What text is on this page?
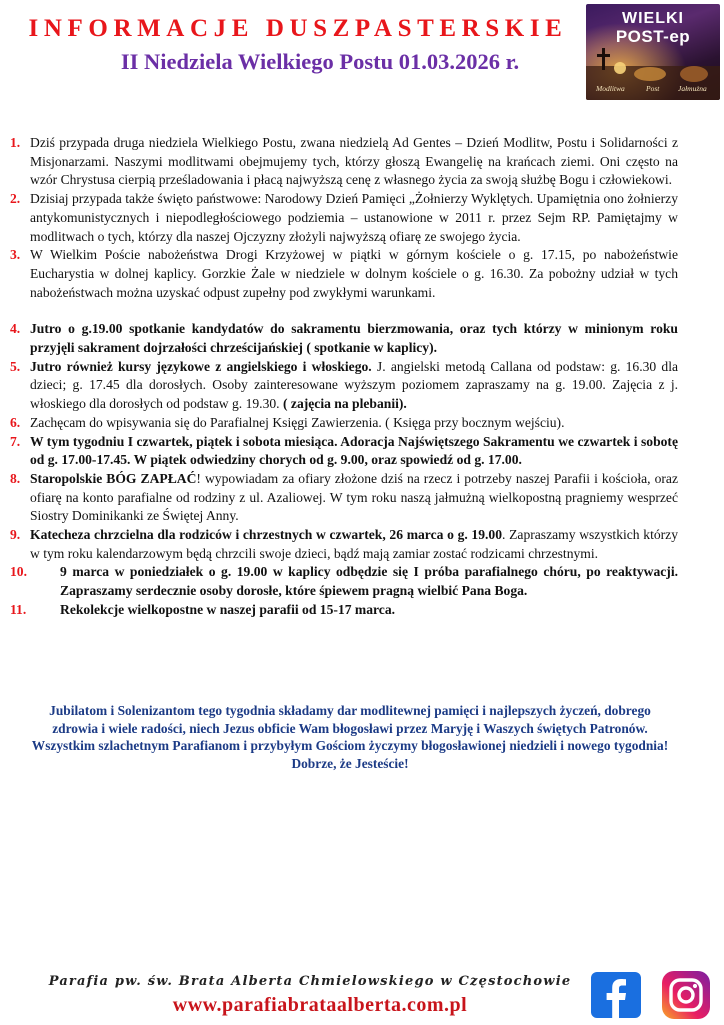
INFORMACJE DUSZPASTERSKIE
II Niedziela Wielkiego Postu 01.03.2026 r.
WIELKI
POST-ep
Modlitwa	Post Jałmużna
1. Dziś przypada druga niedziela Wielkiego Postu, zwana niedzielą Ad Gentes – Dzień Modlitw, Postu i Solidarności z Misjonarzami. Naszymi modlitwami obejmujemy tych, którzy głoszą Ewangelię na krańcach ziemi. Oni często na wzór Chrystusa cierpią prześladowania i płacą najwyższą cenę z własnego życia za swoją służbę Bogu i człowiekowi.
2. Dzisiaj przypada także święto państwowe: Narodowy Dzień Pamięci „Żołnierzy Wyklętych. Upamiętnia ono żołnierzy antykomunistycznych i niepodległościowego podziemia – ustanowione w 2011 r. przez Sejm RP. Pamiętajmy w modlitwach o tych, którzy dla naszej Ojczyzny złożyli najwyższą ofiarę ze swojego życia.
3. W Wielkim Poście nabożeństwa Drogi Krzyżowej w piątki w górnym kościele o g. 17.15, po nabożeństwie Eucharystia w dolnej kaplicy. Gorzkie Żale w niedziele w dolnym kościele o g. 16.30. Za pobożny udział w tych nabożeństwach można uzyskać odpust zupełny pod zwykłymi warunkami.
4. Jutro o g.19.00 spotkanie kandydatów do sakramentu bierzmowania, oraz tych którzy w minionym roku przyjęli sakrament dojrzałości chrześcijańskiej ( spotkanie w kaplicy).
5. Jutro również kursy językowe z angielskiego i włoskiego. J. angielski metodą Callana od podstaw: g. 16.30 dla dzieci; g. 17.45 dla dorosłych. Osoby zainteresowane wyższym poziomem zapraszamy na g. 19.00. Zajęcia z j. włoskiego dla dorosłych od podstaw g. 19.30. ( zajęcia na plebanii).
6. Zachęcam do wpisywania się do Parafialnej Księgi Zawierzenia. ( Księga przy bocznym wejściu).
7. W tym tygodniu I czwartek, piątek i sobota miesiąca. Adoracja Najświętszego Sakramentu we czwartek i sobotę od g. 17.00-17.45. W piątek odwiedziny chorych od g. 9.00, oraz spowiedź od g. 17.00.
8. Staropolskie BÓG ZAPŁAĆ! wypowiadam za ofiary złożone dziś na rzecz i potrzeby naszej Parafii i kościoła, oraz ofiarę na konto parafialne od rodziny z ul. Azaliowej. W tym roku naszą jałmużną wielkopostną pragniemy wesprzeć Siostry Dominikanki ze Świętej Anny.
9. Katecheza chrzcielna dla rodziców i chrzestnych w czwartek, 26 marca o g. 19.00. Zapraszamy wszystkich którzy w tym roku kalendarzowym będą chrzcili swoje dzieci, bądź mają zamiar zostać rodzicami chrzestnymi.
10. 9 marca w poniedziałek o g. 19.00 w kaplicy odbędzie się I próba parafialnego chóru, po reaktywacji. Zapraszamy serdecznie osoby dorosłe, które śpiewem pragną wielbić Pana Boga.
11. Rekolekcje wielkopostne w naszej parafii od 15-17 marca.
Jubilatom i Solenizantom tego tygodnia składamy dar modlitewnej pamięci i najlepszych życzeń, dobrego zdrowia i wiele radości, niech Jezus obficie Wam błogosławi przez Maryję i Waszych świętych Patronów. Wszystkim szlachetnym Parafianom i przybyłym Gościom życzymy błogosławionej niedzieli i nowego tygodnia! Dobrze, że Jesteście!
Parafia pw. św. Brata Alberta Chmielowskiego w Częstochowie
www.parafiabrataalberta.com.pl
